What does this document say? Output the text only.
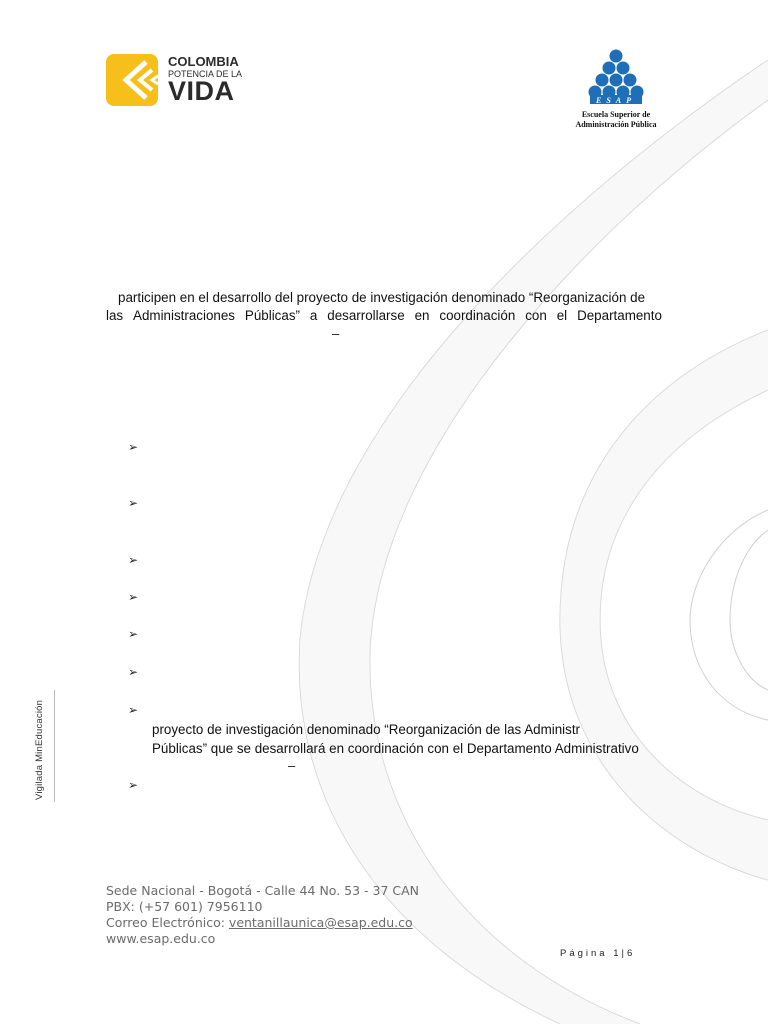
COLOMBIA
POTENCIA DE LA
VIDA	ESAP
Escuela Superior de
Administración Pública
participen en el desarrollo del proyecto de investigación denominado “Reorganización de
las Administraciones Públicas” a desarrollarse en coordinación con el Departamento
–
➢
➢
➢
➢
➢
➢
➢
proyecto de investigación denominado “Reorganización de las Administr
Públicas” que se desarrollará en coordinación con el Departamento Administrativo
–
➢
Vigilada MinEducación
Sede Nacional - Bogotá - Calle 44 No. 53 - 37 CAN
PBX: (+57 601) 7956110
Correo Electrónico: ventanillaunica@esap.edu.co
www.esap.edu.co
Página 1|6
